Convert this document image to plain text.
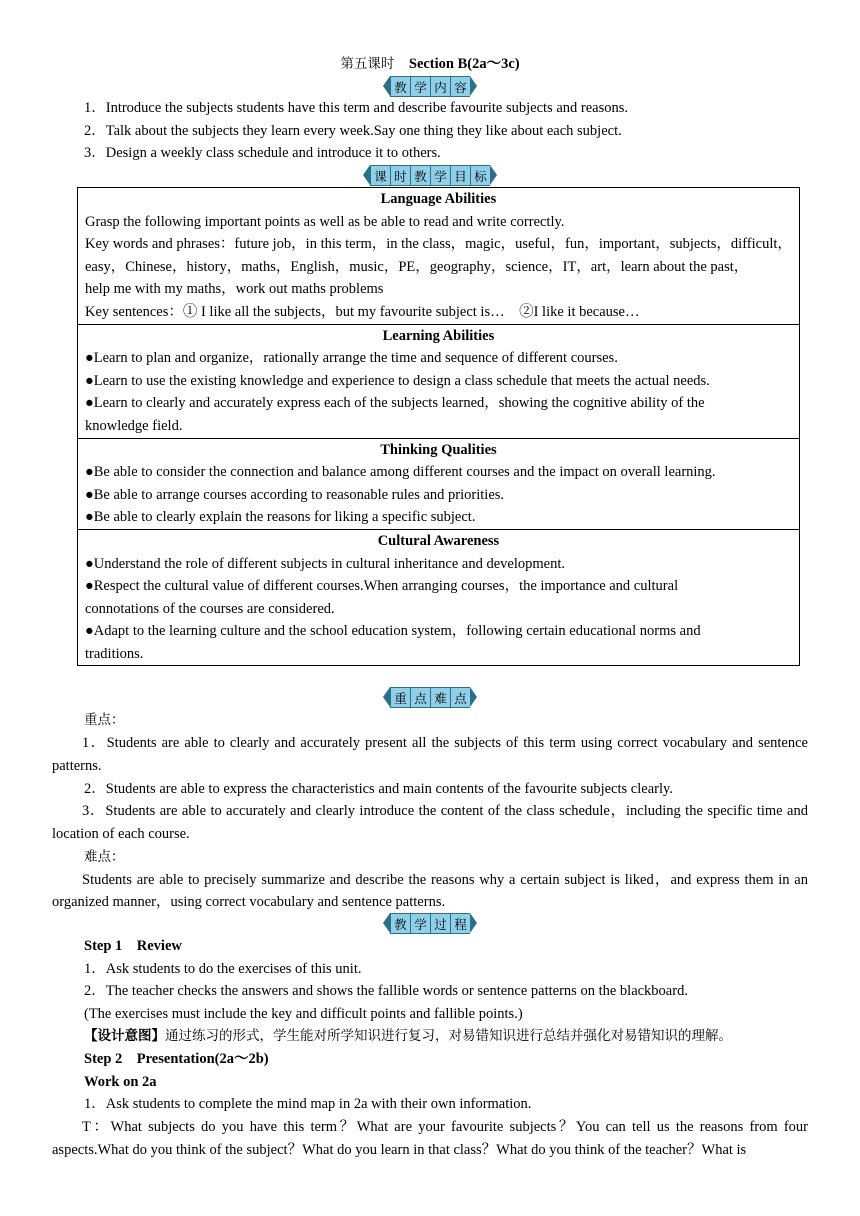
第五课时 Section B(2a～3c)
教 学 内 容
1．Introduce the subjects students have this term and describe favourite subjects and reasons.
2．Talk about the subjects they learn every week.Say one thing they like about each subject.
3．Design a weekly class schedule and introduce it to others.
课 时 教 学 目 标
Language Abilities
Grasp the following important points as well as be able to read and write correctly.
Key words and phrases：future job，in this term，in the class，magic，useful，fun，important，subjects，difficult，
easy，Chinese，history，maths，English，music，PE，geography，science，IT，art，learn about the past，
help me with my maths，work out maths problems
Key sentences：① I like all the subjects，but my favourite subject is…　②I like it because…

Learning Abilities
●Learn to plan and organize，rationally arrange the time and sequence of different courses.
●Learn to use the existing knowledge and experience to design a class schedule that meets the actual needs.
●Learn to clearly and accurately express each of the subjects learned，showing the cognitive ability of the
knowledge field.

Thinking Qualities
●Be able to consider the connection and balance among different courses and the impact on overall learning.
●Be able to arrange courses according to reasonable rules and priorities.
●Be able to clearly explain the reasons for liking a specific subject.

Cultural Awareness
●Understand the role of different subjects in cultural inheritance and development.
●Respect the cultural value of different courses.When arranging courses，the importance and cultural
connotations of the courses are considered.
●Adapt to the learning culture and the school education system，following certain educational norms and
traditions.
重 点 难 点
重点：
1．Students are able to clearly and accurately present all the subjects of this term using correct vocabulary and sentence patterns.
2．Students are able to express the characteristics and main contents of the favourite subjects clearly.
3．Students are able to accurately and clearly introduce the content of the class schedule，including the specific time and location of each course.
难点：
Students are able to precisely summarize and describe the reasons why a certain subject is liked，and express them in an organized manner，using correct vocabulary and sentence patterns.
教 学 过 程
Step 1　Review
1．Ask students to do the exercises of this unit.
2．The teacher checks the answers and shows the fallible words or sentence patterns on the blackboard.
(The exercises must include the key and difficult points and fallible points.)
【设计意图】通过练习的形式，学生能对所学知识进行复习，对易错知识进行总结并强化对易错知识的理解。
Step 2　Presentation(2a～2b)
Work on 2a
1．Ask students to complete the mind map in 2a with their own information.
T：What subjects do you have this term？What are your favourite subjects？You can tell us the reasons from four aspects.What do you think of the subject？What do you learn in that class？What do you think of the teacher？What is
